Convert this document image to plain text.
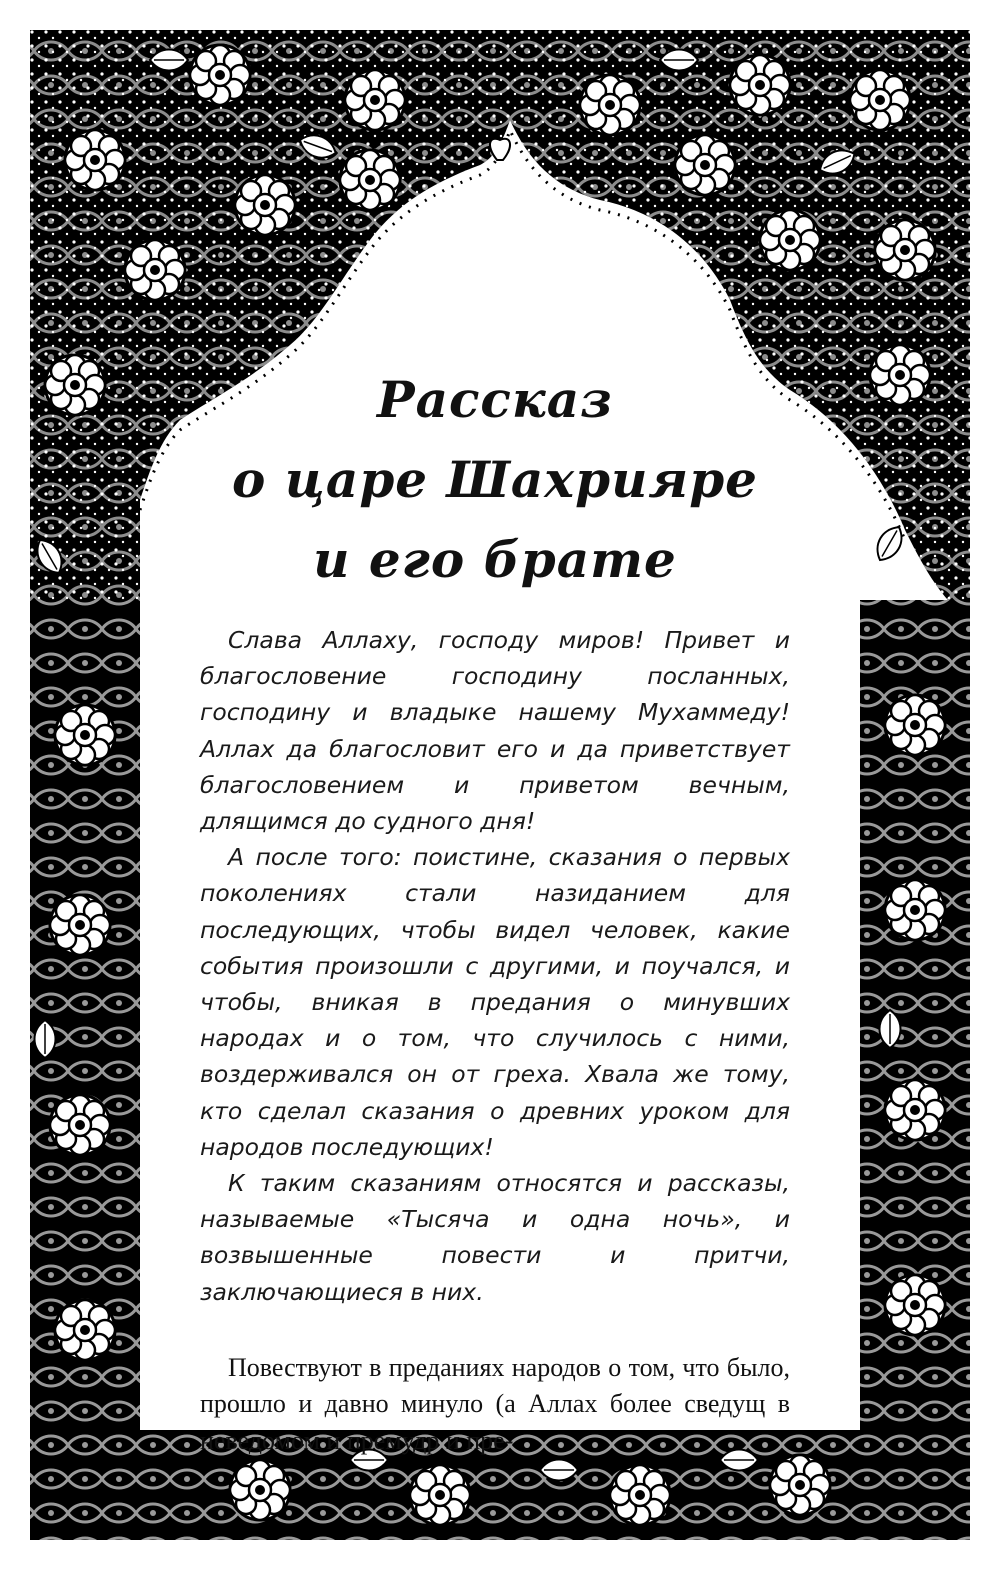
Рассказ
о царе Шахрияре
и его брате

Слава Аллаху, господу миров! Привет и благословение господину посланных, господину и владыке нашему Мухаммеду! Аллах да благословит его и да приветствует благословением и приветом вечным, длящимся до судного дня!

А после того: поистине, сказания о первых поколениях стали назиданием для последующих, чтобы видел человек, какие события произошли с другими, и поучался, и чтобы, вникая в предания о минувших народах и о том, что случилось с ними, воздерживался он от греха. Хвала же тому, кто сделал сказания о древних уроком для народов последующих!

К таким сказаниям относятся и рассказы, называемые «Тысяча и одна ночь», и возвышенные повести и притчи, заключающиеся в них.

Повествуют в преданиях народов о том, что было, прошло и давно минуло (а Аллах более сведущ в неведомом и премудр и пре-
